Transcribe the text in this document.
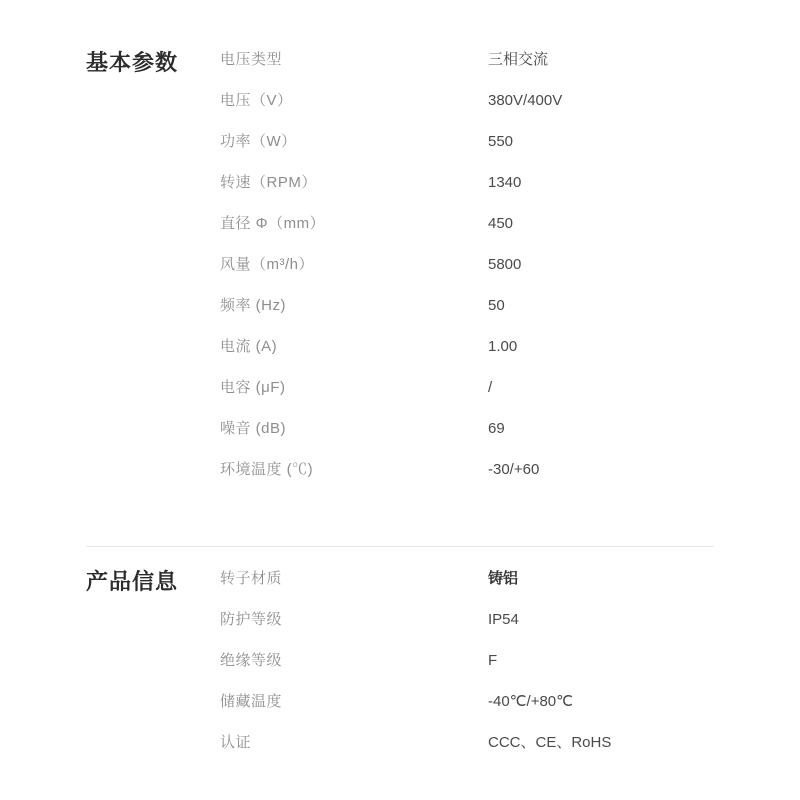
基本参数	电压类型	三相交流
电压（V）	380V/400V
功率（W）	550
转速（RPM）	1340
直径 Φ（mm）	450
风量（m³/h）	5800
频率 (Hz)	50
电流 (A)	1.00
电容 (μF)	/
噪音 (dB)	69
环境温度 (℃)	-30/+60
产品信息	转子材质	铸铝
防护等级	IP54
绝缘等级	F
储藏温度	-40℃/+80℃
认证	CCC、CE、RoHS
